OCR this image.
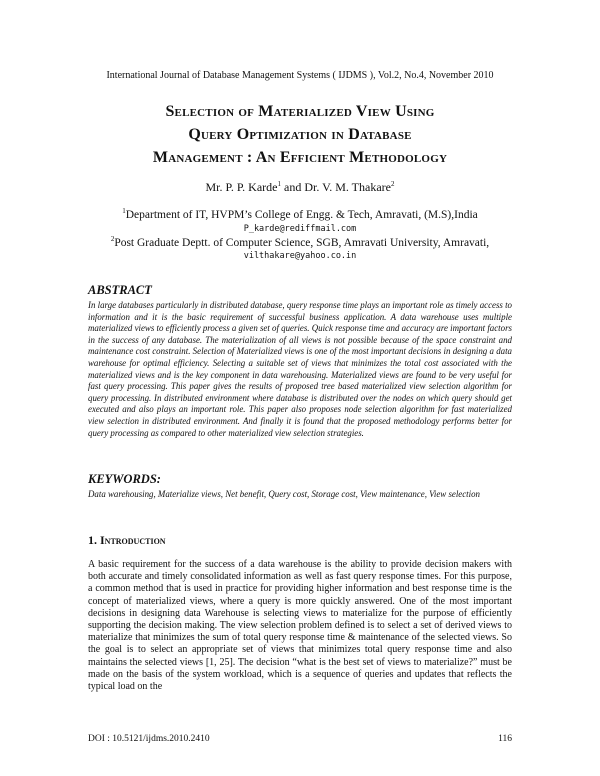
International Journal of Database Management Systems ( IJDMS ), Vol.2, No.4, November 2010
Selection of Materialized View Using
Query Optimization in Database
Management : An Efficient Methodology
Mr. P. P. Karde$^1$ and Dr. V. M. Thakare$^2$
$^1$Department of IT, HVPM’s College of Engg. & Tech, Amravati, (M.S),India
P_karde@rediffmail.com
$^2$Post Graduate Deptt. of Computer Science, SGB, Amravati University, Amravati,
vilthakare@yahoo.co.in
ABSTRACT
In large databases particularly in distributed database, query response time plays an important role as timely access to information and it is the basic requirement of successful business application. A data warehouse uses multiple materialized views to efficiently process a given set of queries. Quick response time and accuracy are important factors in the success of any database. The materialization of all views is not possible because of the space constraint and maintenance cost constraint. Selection of Materialized views is one of the most important decisions in designing a data warehouse for optimal efficiency. Selecting a suitable set of views that minimizes the total cost associated with the materialized views and is the key component in data warehousing. Materialized views are found to be very useful for fast query processing. This paper gives the results of proposed tree based materialized view selection algorithm for query processing. In distributed environment where database is distributed over the nodes on which query should get executed and also plays an important role. This paper also proposes node selection algorithm for fast materialized view selection in distributed environment. And finally it is found that the proposed methodology performs better for query processing as compared to other materialized view selection strategies.
KEYWORDS:
Data warehousing, Materialize views, Net benefit, Query cost, Storage cost, View maintenance, View selection
1. Introduction
A basic requirement for the success of a data warehouse is the ability to provide decision makers with both accurate and timely consolidated information as well as fast query response times. For this purpose, a common method that is used in practice for providing higher information and best response time is the concept of materialized views, where a query is more quickly answered. One of the most important decisions in designing data Warehouse is selecting views to materialize for the purpose of efficiently supporting the decision making. The view selection problem defined is to select a set of derived views to materialize that minimizes the sum of total query response time & maintenance of the selected views. So the goal is to select an appropriate set of views that minimizes total query response time and also maintains the selected views [1, 25]. The decision “what is the best set of views to materialize?” must be made on the basis of the system workload, which is a sequence of queries and updates that reflects the typical load on the
DOI : 10.5121/ijdms.2010.2410	116
